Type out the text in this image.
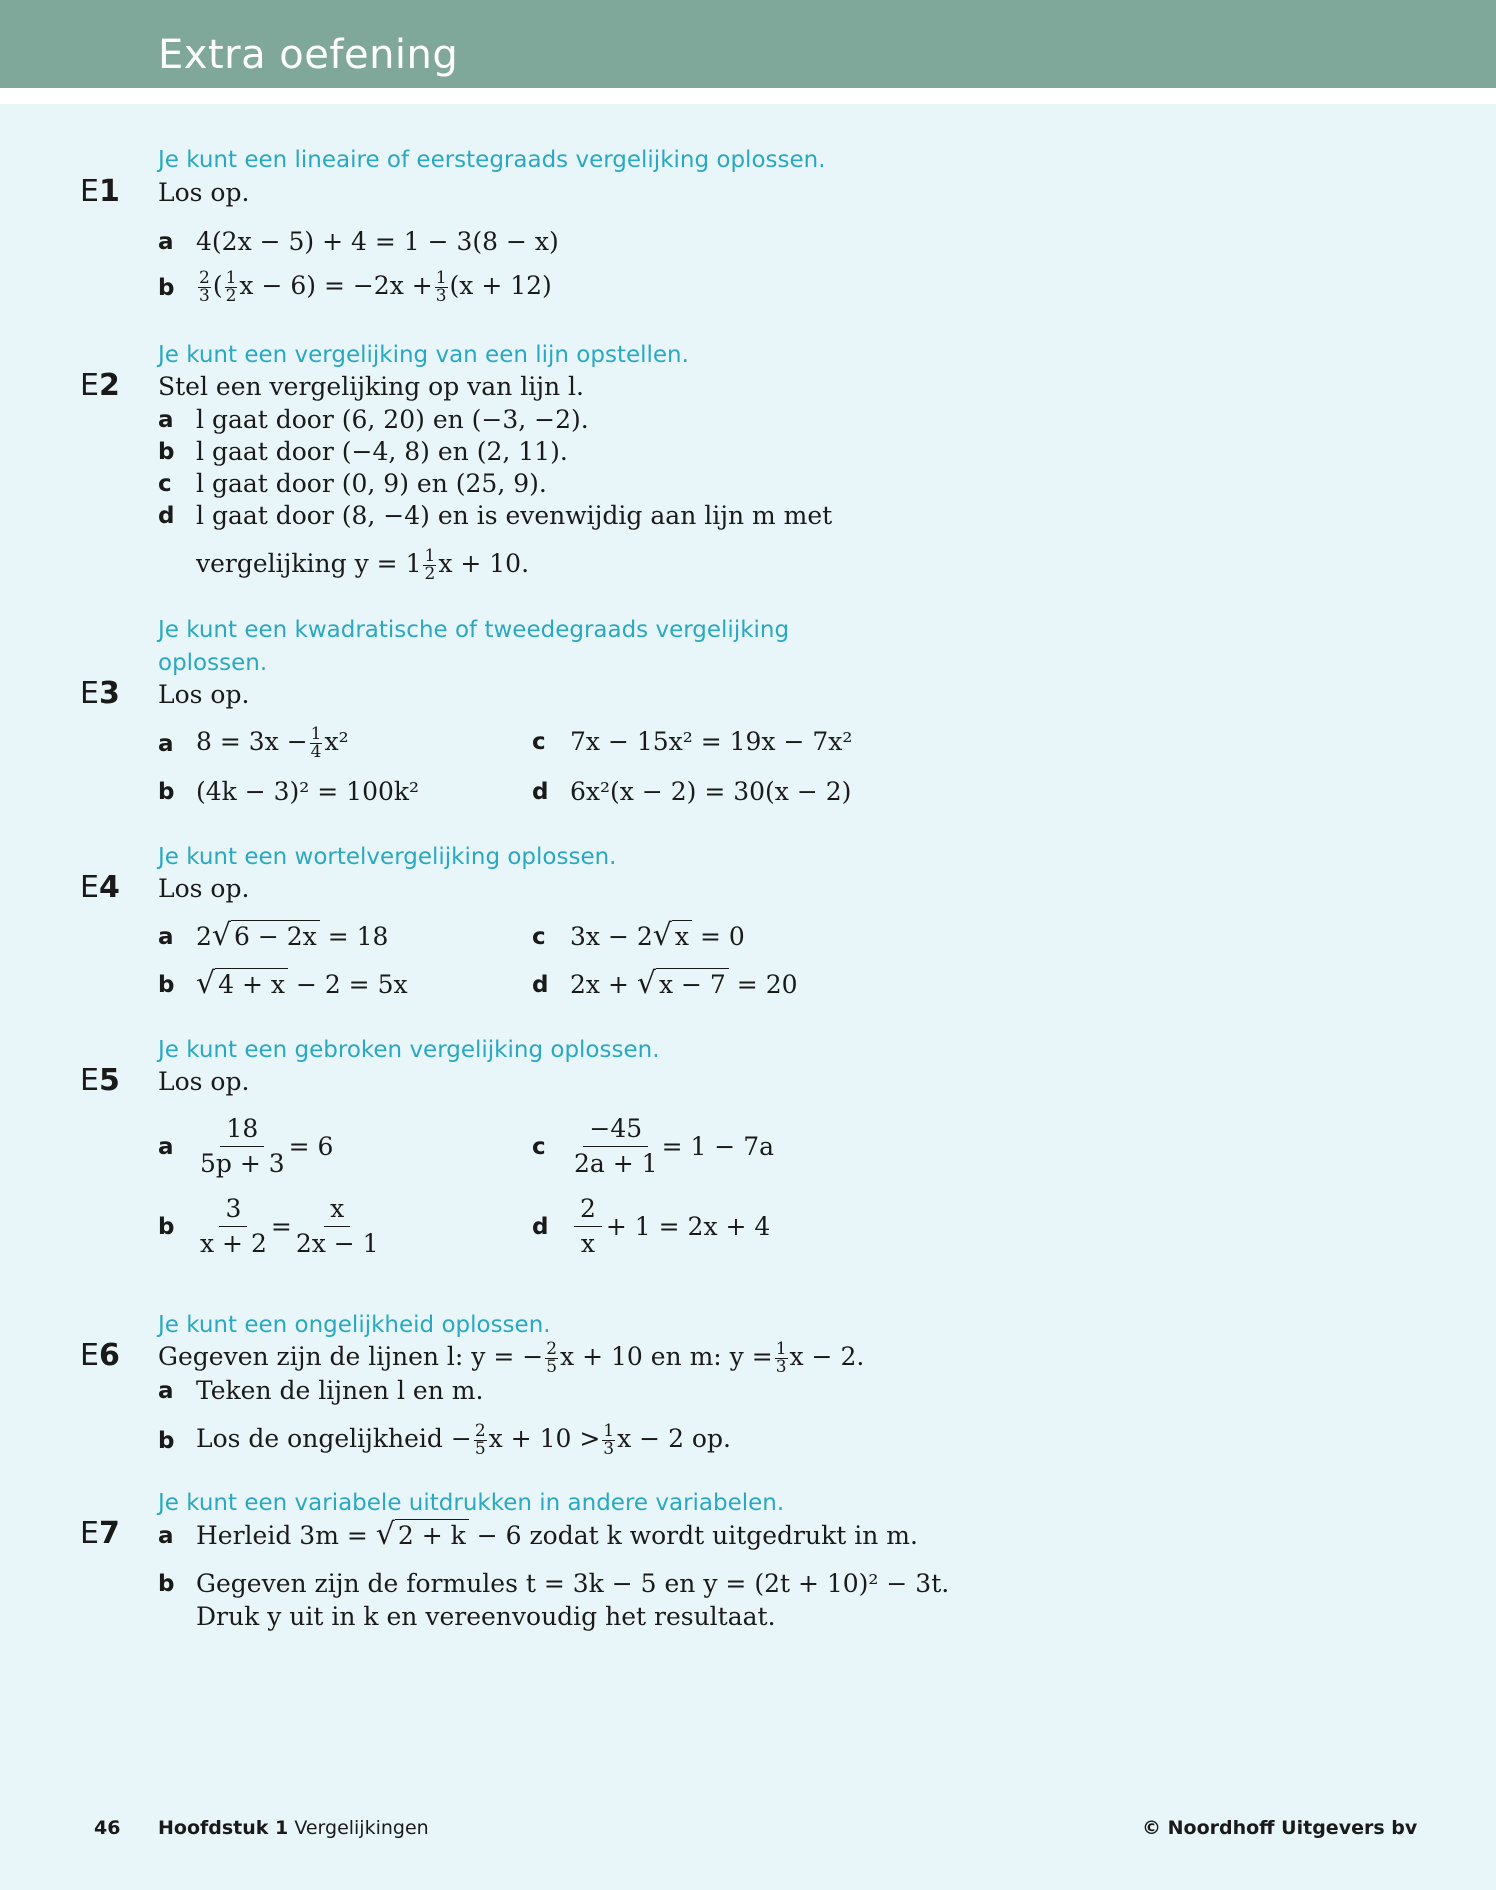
Extra oefening
Je kunt een lineaire of eerstegraads vergelijking oplossen.
E1 Los op.
a 4(2x − 5) + 4 = 1 − 3(8 − x)
b	$\frac{2}{3}$ ( $\frac{1}{2}$ $x - 6) = -2x + \frac{1}{3} (x + 12)$
Je kunt een vergelijking van een lijn opstellen.
E2 Stel een vergelijking op van lijn l.
a l gaat door (6, 20) en (−3, −2).
b l gaat door (−4, 8) en (2, 11).
c l gaat door (0, 9) en (25, 9).
d l gaat door (8, −4) en is evenwijdig aan lijn m met
vergelijking $y = 1 \frac{1}{2}$ x + 10.
Je kunt een kwadratische of tweedegraads vergelijking
oplossen.
E3 Los op.
a $8 = 3x - \frac{1}{4} x^2$
b (4k − 3)² = 100k²
c 7x − 15x² = 19x − 7x²
d 6x²(x − 2) = 30(x − 2)
Je kunt een wortelvergelijking oplossen.
E4 Los op.
a 2 √ 6 − 2x
= 18
b √ 4 + x
− 2 = 5x
c 3x − 2 √ x
= 0
d 2x +
√ x − 7
= 20
Je kunt een gebroken vergelijking oplossen.
E5 Los op.
a	$\frac{18}{5p + 3} = 6$
b	$\frac{3}{x + 2} = \frac{x}{2x - 1}$
c	$\frac{-45}{2a + 1} = 1 - 7a$
d
2
x
+ 1 = 2x + 4
Je kunt een ongelijkheid oplossen.
E6 Gegeven zijn de lijnen l: y = − $\frac{2}{5}$ x + 10 en m: $y = \frac{1}{3}$ x − 2.
a Teken de lijnen l en m.
b Los de ongelijkheid − $\frac{2}{5}$ $x + 10 > \frac{1}{3}$ x − 2 op.
Je kunt een variabele uitdrukken in andere variabelen.
E7 a Herleid 3m =
√ 2 + k
− 6 zodat k wordt uitgedrukt in m.
b Gegeven zijn de formules t = 3k − 5 en y = (2t + 10)² − 3t.
Druk y uit in k en vereenvoudig het resultaat.
46 Hoofdstuk 1 Vergelijkingen	© Noordhoff Uitgevers bv
